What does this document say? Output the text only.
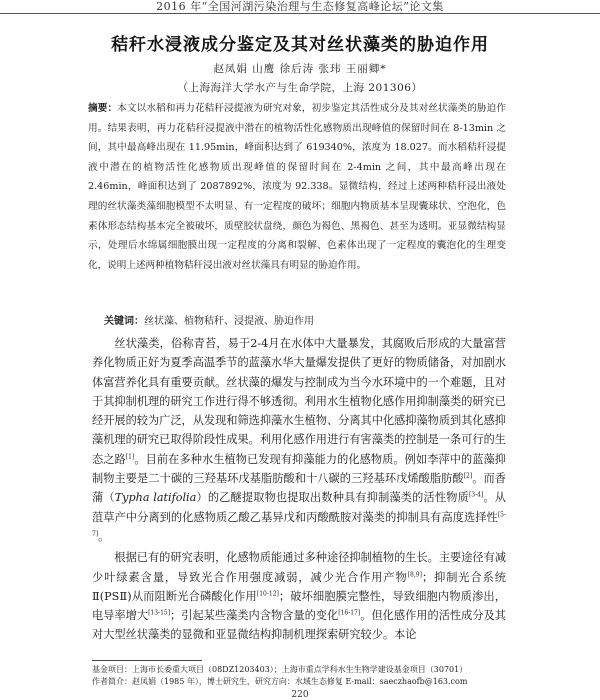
2016 年“全国河湖污染治理与生态修复高峰论坛”论文集
秸秆水浸液成分鉴定及其对丝状藻类的胁迫作用
赵凤娟 山鹰 徐后涛 张玮 王丽卿*
（上海海洋大学水产与生命学院，上海 201306）
摘要：本文以水稻和再力花秸秆浸提液为研究对象，初步鉴定其活性成分及其对丝状藻类的胁迫作用。结果表明，再力花秸秆浸提液中潜在的植物活性化感物质出现峰值的保留时间在 8-13min 之间，其中最高峰出现在 11.95min，峰面积达到了 619340%，浓度为 18.027。而水稻秸秆浸提液中潜在的植物活性化感物质出现峰值的保留时间在 2-4min 之间，其中最高峰出现在 2.46min，峰面积达到了 2087892%，浓度为 92.338。显微结构，经过上述两种秸秆浸出液处理的丝状藻类藻细胞模型不太明显、有一定程度的破坏；细胞内物质基本呈现囊球状、空泡化，色素体形态结构基本完全被破坏，质壁胶状盘绕，颜色为褐色、黑褐色、甚至为透明。亚显微结构显示，处理后水绵属细胞膜出现一定程度的分离和裂解、色素体出现了一定程度的囊泡化的生理变化，说明上述两种植物秸秆浸出液对丝状藻具有明显的胁迫作用。
关键词：丝状藻、植物秸秆、浸提液、胁迫作用

丝状藻类，俗称青苔，易于2-4月在水体中大量暴发，其腐败后形成的大量富营养化物质正好为夏季高温季节的蓝藻水华大量爆发提供了更好的物质储备，对加剧水体富营养化具有重要贡献。丝状藻的爆发与控制成为当今水环境中的一个难题，且对于其抑制机理的研究工作进行得不够透彻。利用水生植物化感作用抑制藻类的研究已经开展的较为广泛，从发现和筛选抑藻水生植物、分离其中化感抑藻物质到其化感抑藻机理的研究已取得阶段性成果。利用化感作用进行有害藻类的控制是一条可行的生态之路[1]。目前在多种水生植物已发现有抑藻能力的化感物质。例如李萍中的蓝藻抑制物主要是二十碳的三羟基环戊基脂肪酸和十八碳的三羟基环戊烯酸脂肪酸[2]。而香蒲（Typha latifolia）的乙醚提取物也提取出数种具有抑制藻类的活性物质[3-4]。从菹草产中分离到的化感物质乙酸乙基异戊和丙酸酰胺对藻类的抑制具有高度选择性[5-7]。

根据已有的研究表明，化感物质能通过多种途径抑制植物的生长。主要途径有减少叶绿素含量，导致光合作用强度减弱，减少光合作用产物[8,9]；抑制光合系统Ⅱ(PSⅡ)从而阻断光合磷酸化作用[10-12]；破坏细胞膜完整性，导致细胞内物质渗出，电导率增大[13-15]；引起某些藻类内含物含量的变化[16-17]。但化感作用的活性成分及其对大型丝状藻类的显微和亚显微结构抑制机理探索研究较少。本论

基金项目：上海市长委重大项目（08DZ1203403）；上海市重点学科水生生物学建设基金项目（30701）
作者简介：赵凤娟（1985 年），博士研究生，研究方向：水域生态修复 E-mail：saeczhaofb@163.com
220
